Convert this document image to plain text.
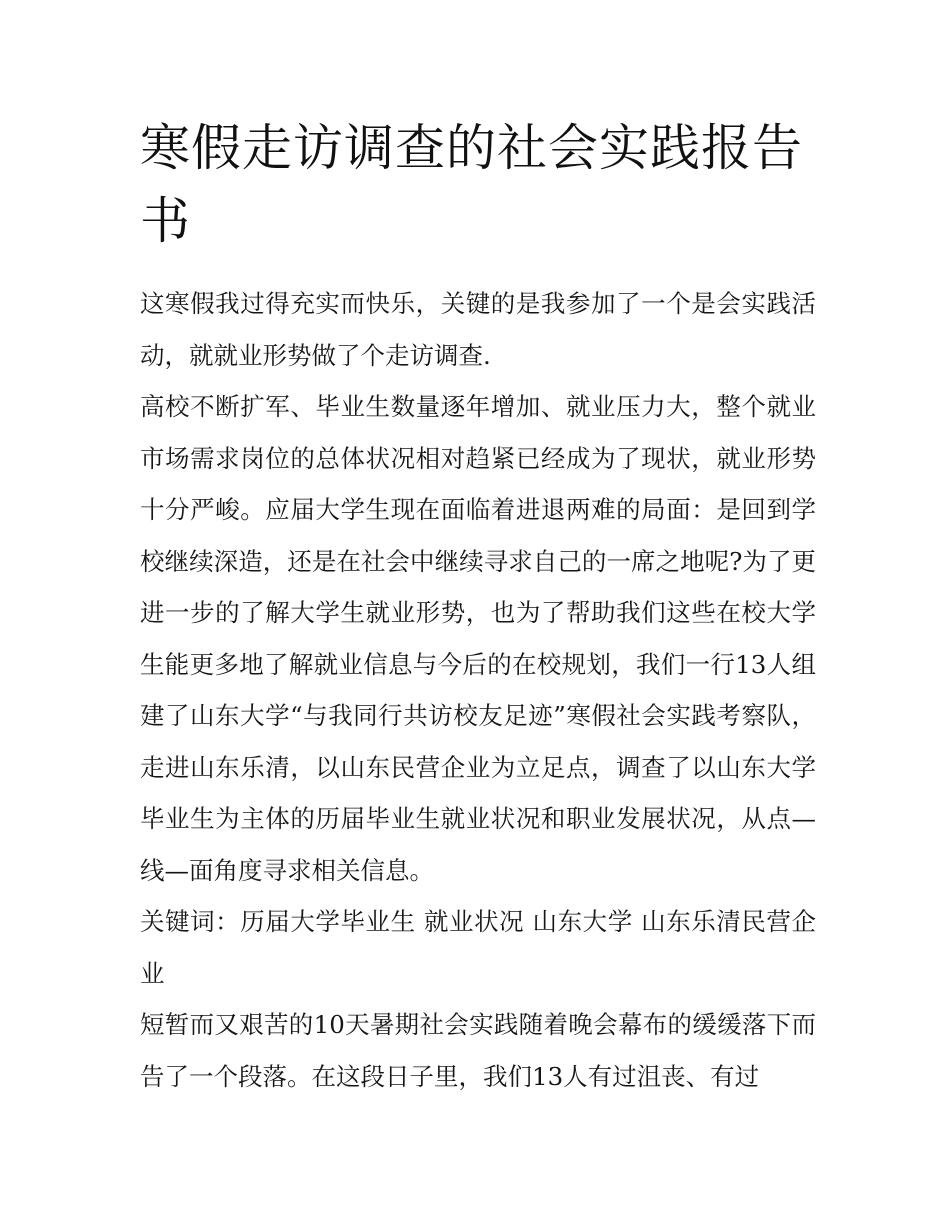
寒假走访调查的社会实践报告书

这寒假我过得充实而快乐，关键的是我参加了一个是会实践活动，就就业形势做了个走访调查.

高校不断扩军、毕业生数量逐年增加、就业压力大，整个就业市场需求岗位的总体状况相对趋紧已经成为了现状，就业形势十分严峻。应届大学生现在面临着进退两难的局面：是回到学校继续深造，还是在社会中继续寻求自己的一席之地呢?为了更进一步的了解大学生就业形势，也为了帮助我们这些在校大学生能更多地了解就业信息与今后的在校规划，我们一行13人组建了山东大学“与我同行共访校友足迹”寒假社会实践考察队，走进山东乐清，以山东民营企业为立足点，调查了以山东大学毕业生为主体的历届毕业生就业状况和职业发展状况，从点—线—面角度寻求相关信息。

关键词：历届大学毕业生 就业状况 山东大学 山东乐清民营企业

短暂而又艰苦的10天暑期社会实践随着晚会幕布的缓缓落下而告了一个段落。在这段日子里，我们13人有过沮丧、有过
